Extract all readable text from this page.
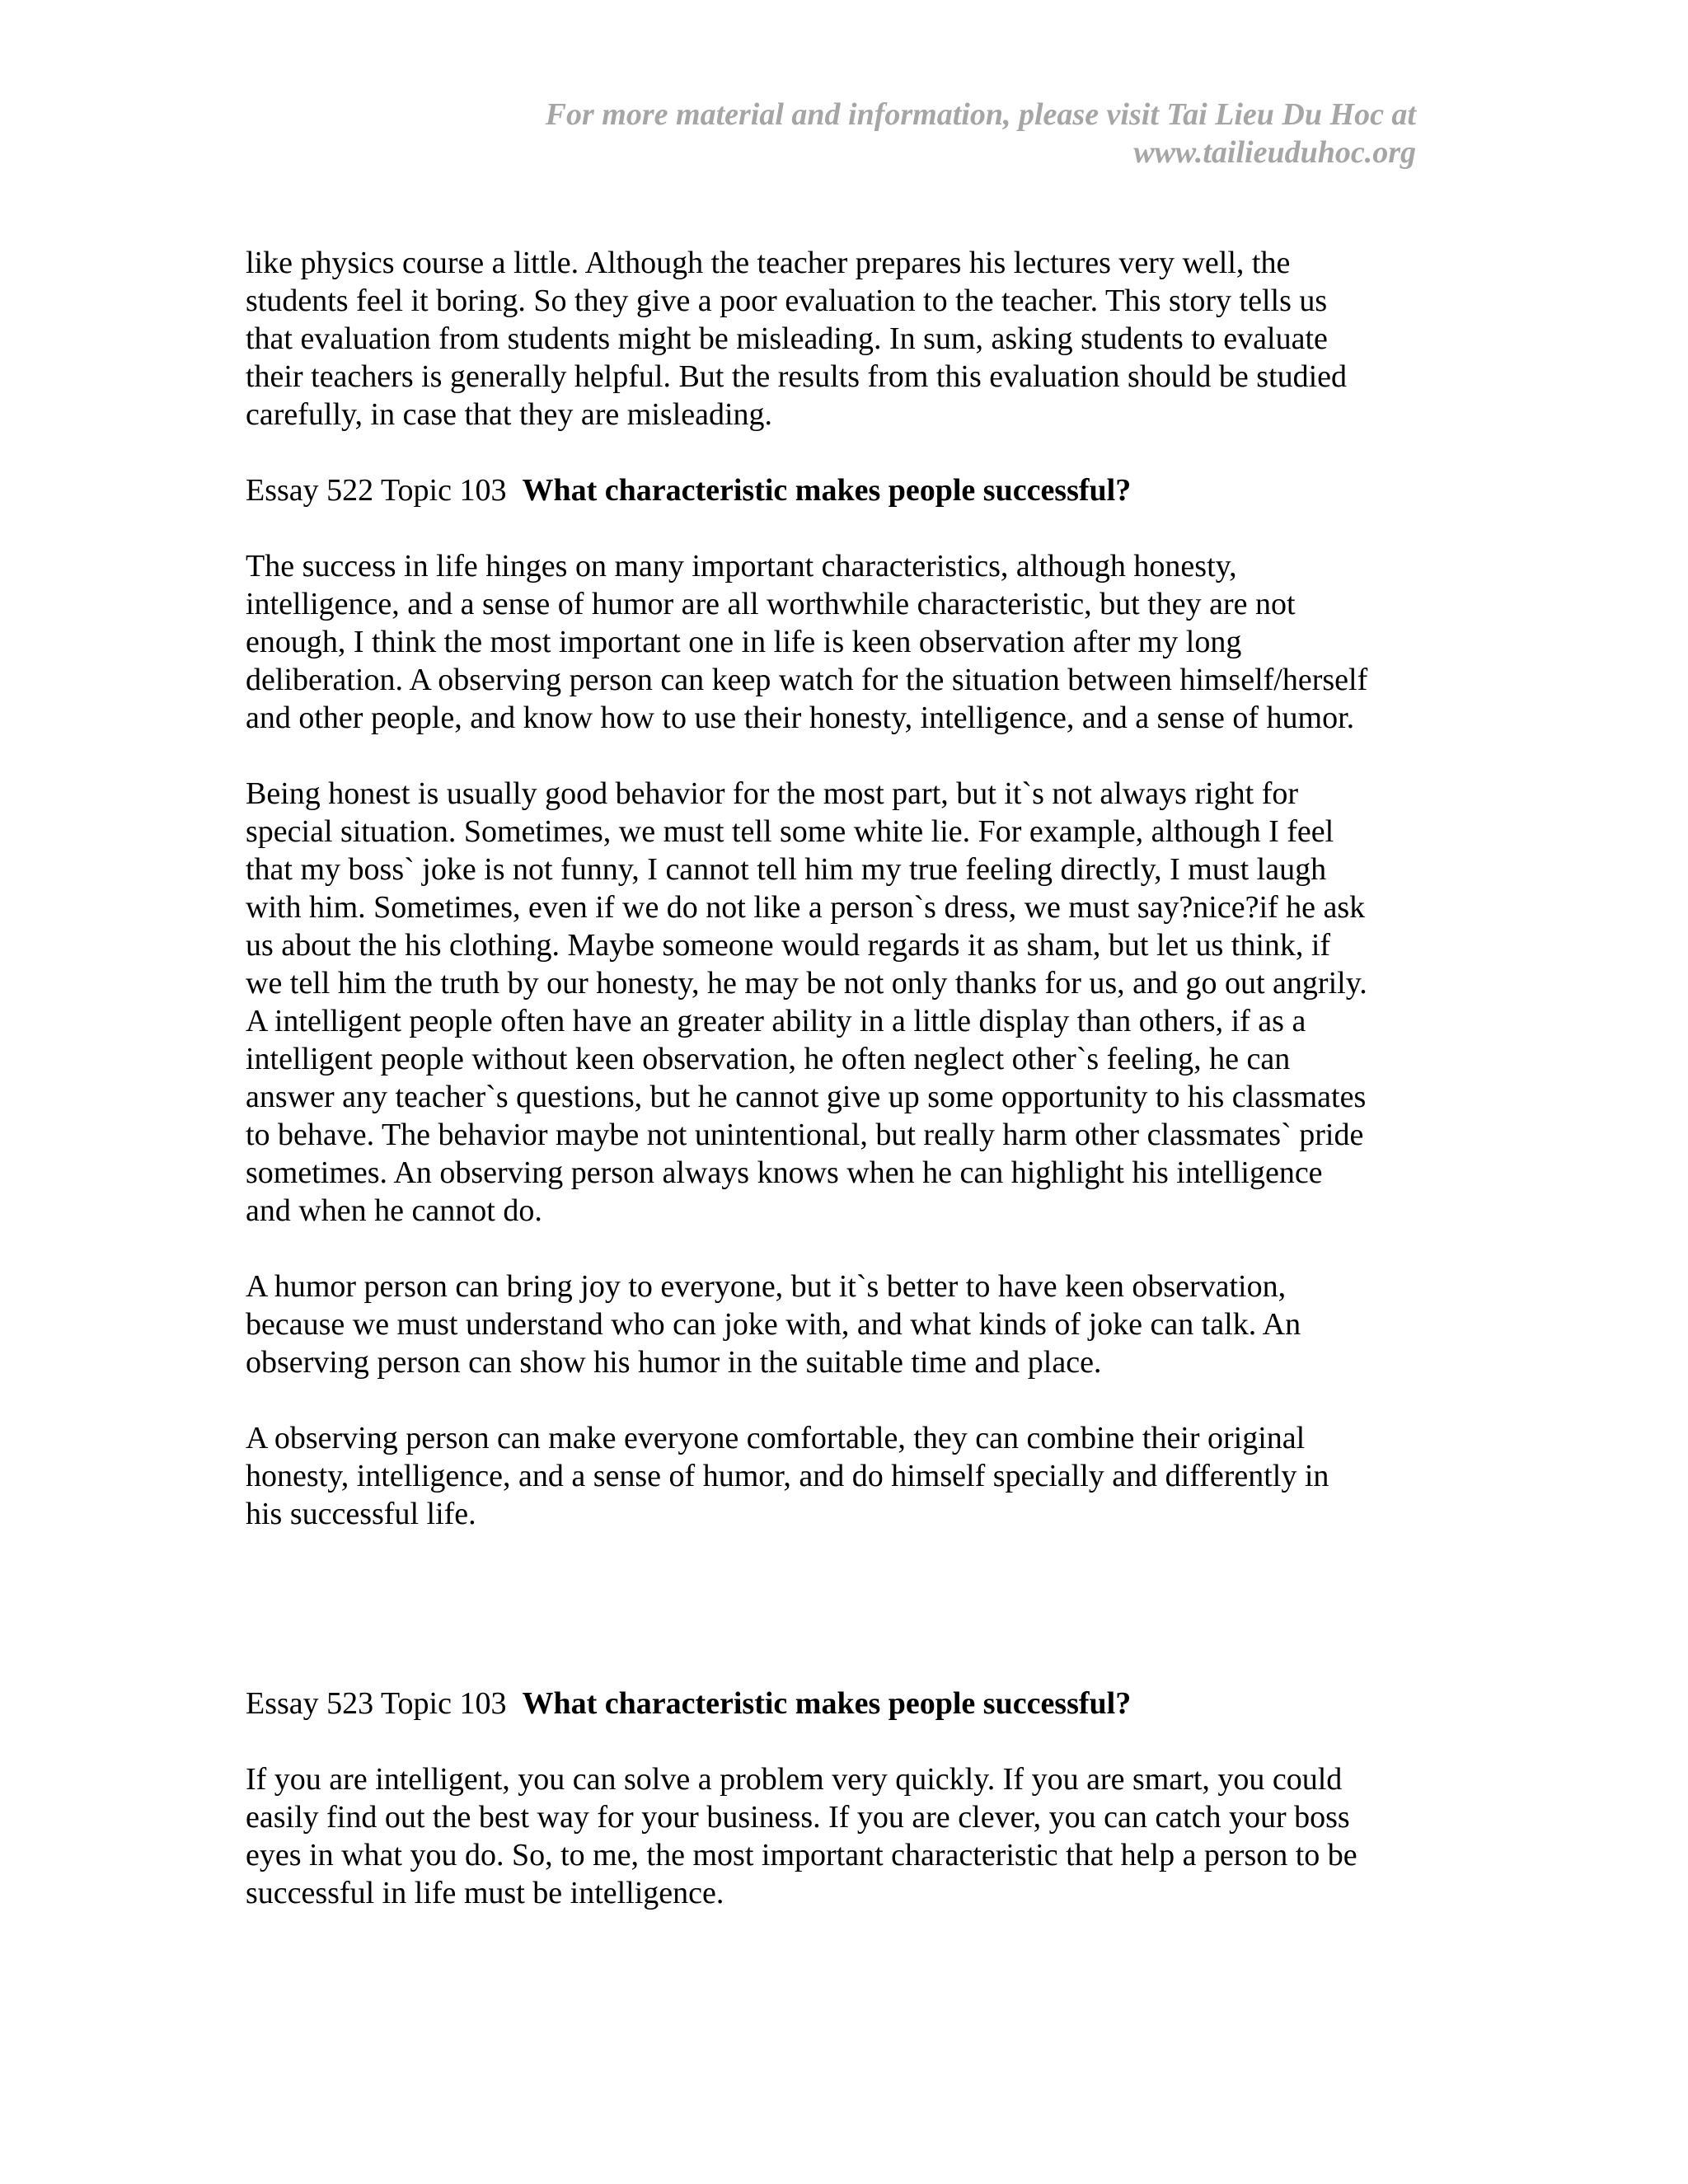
For more material and information, please visit Tai Lieu Du Hoc at
www.tailieuduhoc.org
like physics course a little. Although the teacher prepares his lectures very well, the
students feel it boring. So they give a poor evaluation to the teacher. This story tells us
that evaluation from students might be misleading. In sum, asking students to evaluate
their teachers is generally helpful. But the results from this evaluation should be studied
carefully, in case that they are misleading.
Essay 522 Topic 103 What characteristic makes people successful?
The success in life hinges on many important characteristics, although honesty,
intelligence, and a sense of humor are all worthwhile characteristic, but they are not
enough, I think the most important one in life is keen observation after my long
deliberation. A observing person can keep watch for the situation between himself/herself
and other people, and know how to use their honesty, intelligence, and a sense of humor.
Being honest is usually good behavior for the most part, but it`s not always right for
special situation. Sometimes, we must tell some white lie. For example, although I feel
that my boss` joke is not funny, I cannot tell him my true feeling directly, I must laugh
with him. Sometimes, even if we do not like a person`s dress, we must say?nice?if he ask
us about the his clothing. Maybe someone would regards it as sham, but let us think, if
we tell him the truth by our honesty, he may be not only thanks for us, and go out angrily.
A intelligent people often have an greater ability in a little display than others, if as a
intelligent people without keen observation, he often neglect other`s feeling, he can
answer any teacher`s questions, but he cannot give up some opportunity to his classmates
to behave. The behavior maybe not unintentional, but really harm other classmates` pride
sometimes. An observing person always knows when he can highlight his intelligence
and when he cannot do.
A humor person can bring joy to everyone, but it`s better to have keen observation,
because we must understand who can joke with, and what kinds of joke can talk. An
observing person can show his humor in the suitable time and place.
A observing person can make everyone comfortable, they can combine their original
honesty, intelligence, and a sense of humor, and do himself specially and differently in
his successful life.
Essay 523 Topic 103 What characteristic makes people successful?
If you are intelligent, you can solve a problem very quickly. If you are smart, you could
easily find out the best way for your business. If you are clever, you can catch your boss
eyes in what you do. So, to me, the most important characteristic that help a person to be
successful in life must be intelligence.
